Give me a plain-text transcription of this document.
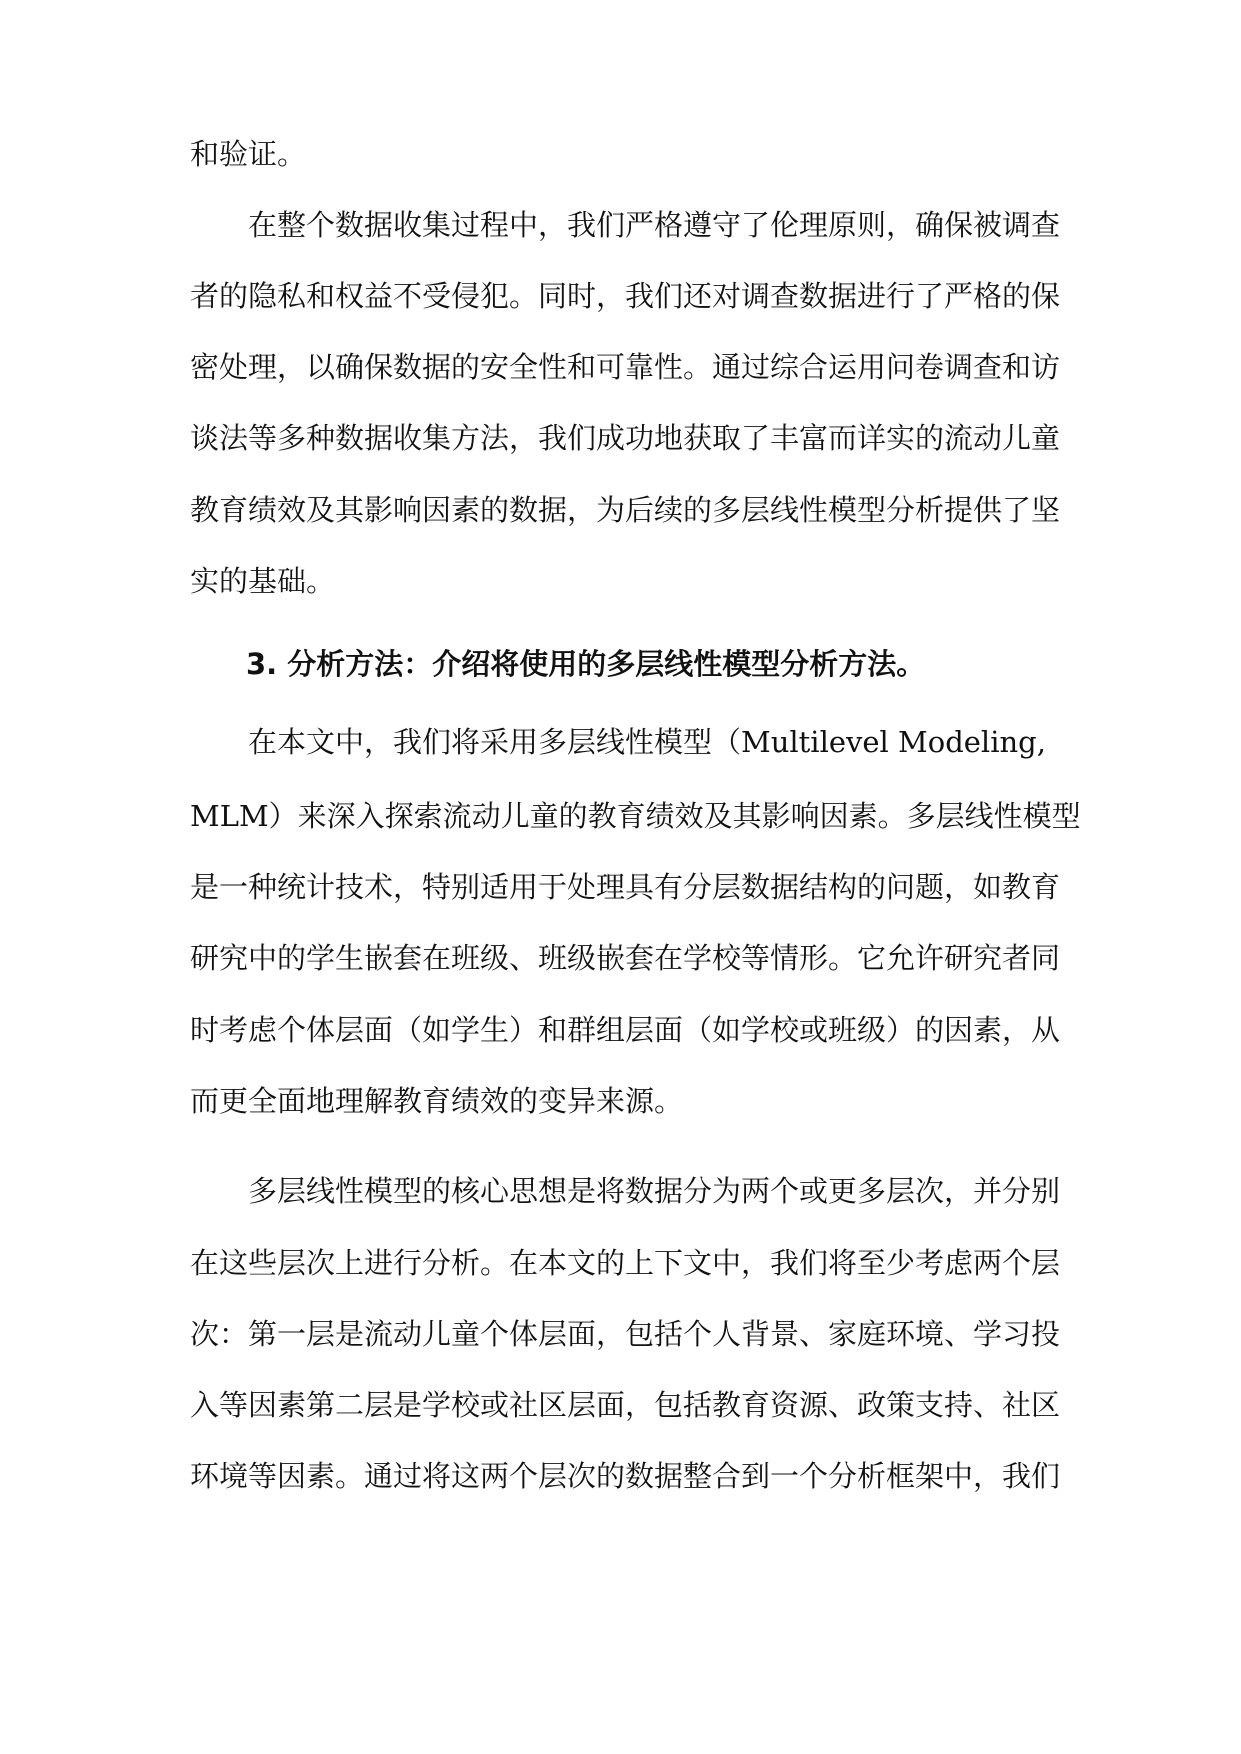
和验证。
在整个数据收集过程中，我们严格遵守了伦理原则，确保被调查
者的隐私和权益不受侵犯。同时，我们还对调查数据进行了严格的保
密处理，以确保数据的安全性和可靠性。通过综合运用问卷调查和访
谈法等多种数据收集方法，我们成功地获取了丰富而详实的流动儿童
教育绩效及其影响因素的数据，为后续的多层线性模型分析提供了坚
实的基础。
3. 分析方法：介绍将使用的多层线性模型分析方法。
在本文中，我们将采用多层线性模型（Multilevel Modeling,
MLM）来深入探索流动儿童的教育绩效及其影响因素。多层线性模型
是一种统计技术，特别适用于处理具有分层数据结构的问题，如教育
研究中的学生嵌套在班级、班级嵌套在学校等情形。它允许研究者同
时考虑个体层面（如学生）和群组层面（如学校或班级）的因素，从
而更全面地理解教育绩效的变异来源。
多层线性模型的核心思想是将数据分为两个或更多层次，并分别
在这些层次上进行分析。在本文的上下文中，我们将至少考虑两个层
次：第一层是流动儿童个体层面，包括个人背景、家庭环境、学习投
入等因素第二层是学校或社区层面，包括教育资源、政策支持、社区
环境等因素。通过将这两个层次的数据整合到一个分析框架中，我们
